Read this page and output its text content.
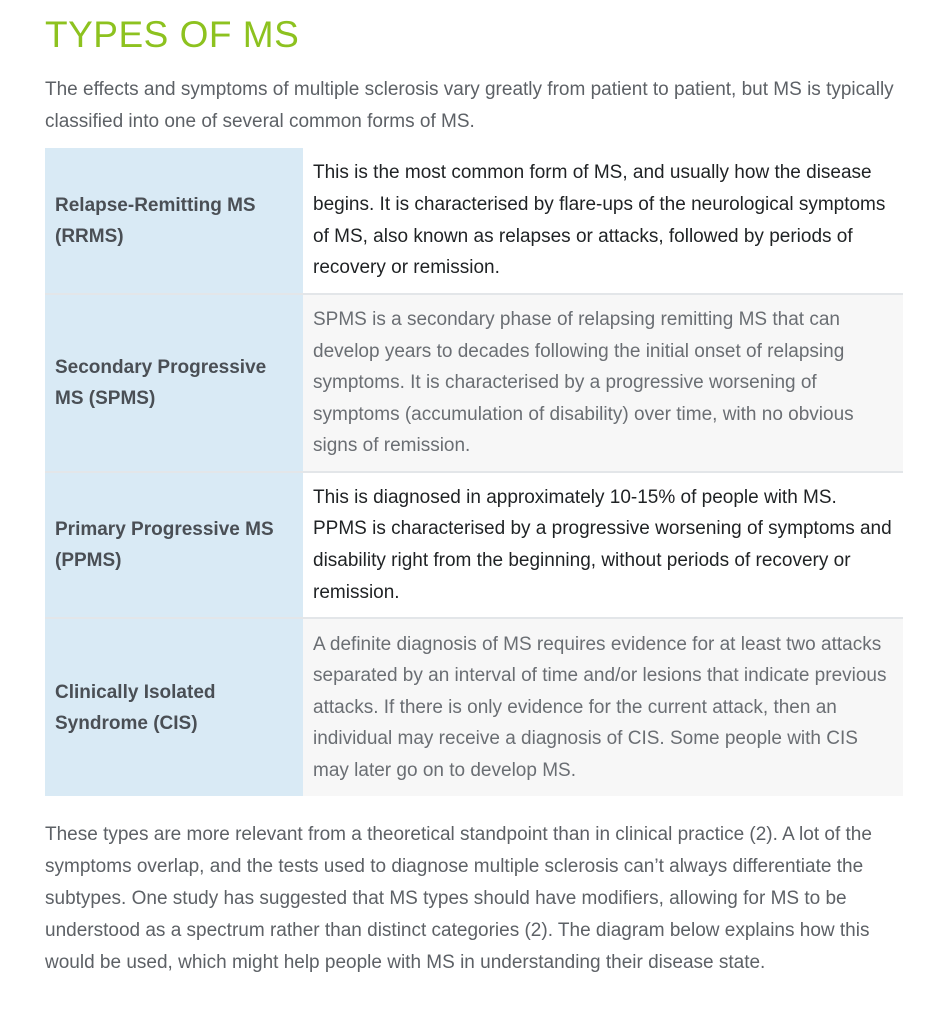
TYPES OF MS

The effects and symptoms of multiple sclerosis vary greatly from patient to patient, but MS is typically classified into one of several common forms of MS.

Relapse-Remitting MS (RRMS)	This is the most common form of MS, and usually how the disease begins. It is characterised by flare-ups of the neurological symptoms of MS, also known as relapses or attacks, followed by periods of recovery or remission.
Secondary Progressive MS (SPMS)	SPMS is a secondary phase of relapsing remitting MS that can develop years to decades following the initial onset of relapsing symptoms. It is characterised by a progressive worsening of symptoms (accumulation of disability) over time, with no obvious signs of remission.
Primary Progressive MS (PPMS)	This is diagnosed in approximately 10-15% of people with MS. PPMS is characterised by a progressive worsening of symptoms and disability right from the beginning, without periods of recovery or remission.
Clinically Isolated Syndrome (CIS)	A definite diagnosis of MS requires evidence for at least two attacks separated by an interval of time and/or lesions that indicate previous attacks. If there is only evidence for the current attack, then an individual may receive a diagnosis of CIS. Some people with CIS may later go on to develop MS.

These types are more relevant from a theoretical standpoint than in clinical practice (2). A lot of the symptoms overlap, and the tests used to diagnose multiple sclerosis can’t always differentiate the subtypes. One study has suggested that MS types should have modifiers, allowing for MS to be understood as a spectrum rather than distinct categories (2). The diagram below explains how this would be used, which might help people with MS in understanding their disease state.
